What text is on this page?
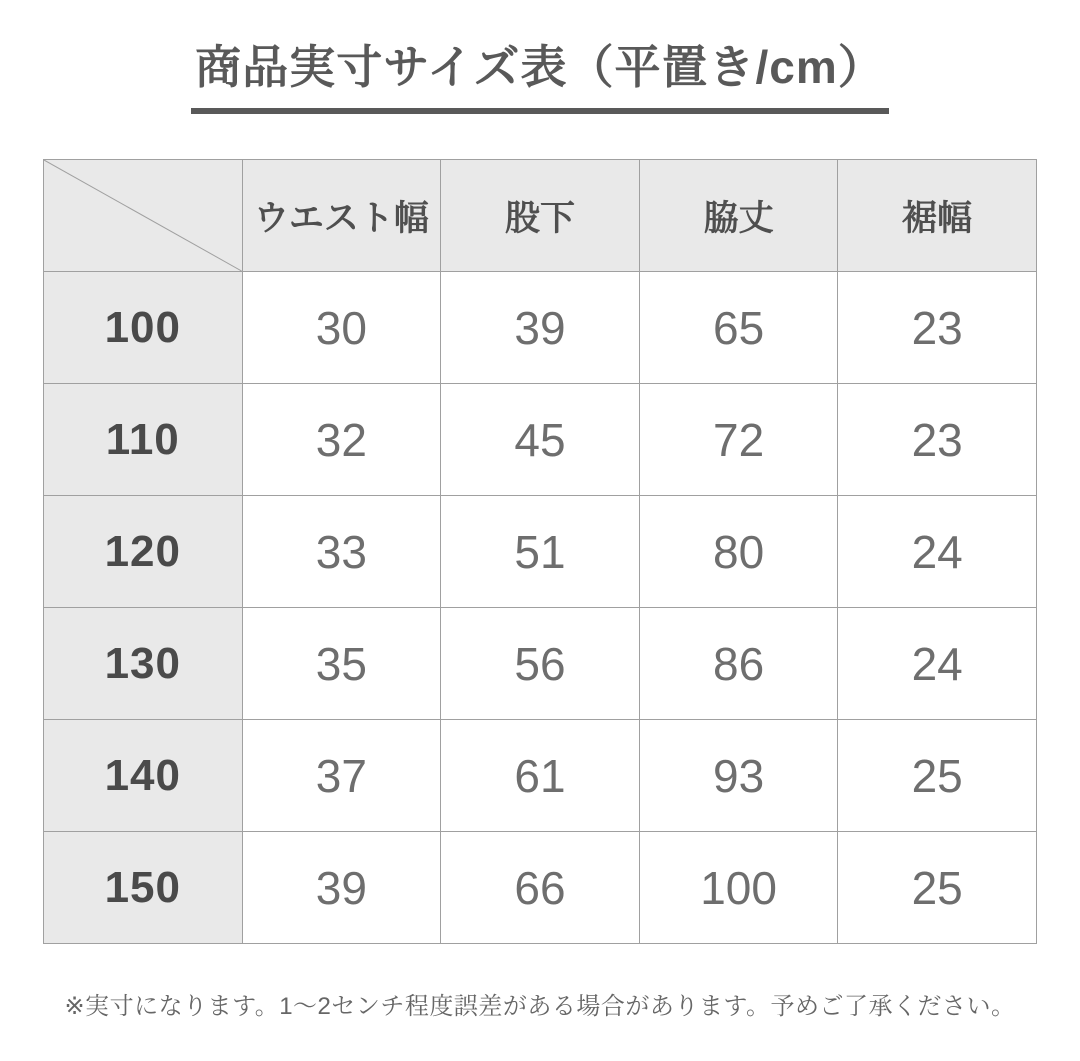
商品実寸サイズ表（平置き/cm）
	ウエスト幅	股下	脇丈	裾幅
100	30	39	65	23
110	32	45	72	23
120	33	51	80	24
130	35	56	86	24
140	37	61	93	25
150	39	66	100	25

※実寸になります。1〜2センチ程度誤差がある場合があります。予めご了承ください。
